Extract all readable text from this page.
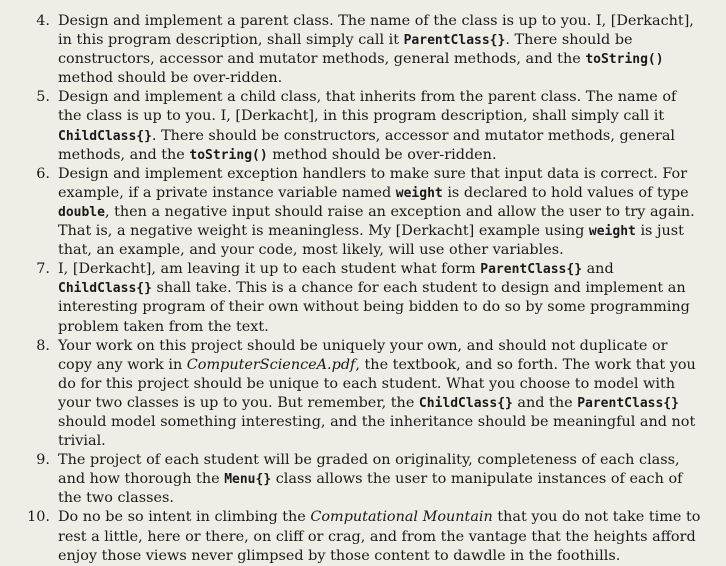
4. Design and implement a parent class. The name of the class is up to you. I, [Derkacht], in this program description, shall simply call it ParentClass{}. There should be constructors, accessor and mutator methods, general methods, and the toString() method should be over-ridden.
5. Design and implement a child class, that inherits from the parent class. The name of the class is up to you. I, [Derkacht], in this program description, shall simply call it ChildClass{}. There should be constructors, accessor and mutator methods, general methods, and the toString() method should be over-ridden.
6. Design and implement exception handlers to make sure that input data is correct. For example, if a private instance variable named weight is declared to hold values of type double, then a negative input should raise an exception and allow the user to try again. That is, a negative weight is meaningless. My [Derkacht] example using weight is just that, an example, and your code, most likely, will use other variables.
7. I, [Derkacht], am leaving it up to each student what form ParentClass{} and ChildClass{} shall take. This is a chance for each student to design and implement an interesting program of their own without being bidden to do so by some programming problem taken from the text.
8. Your work on this project should be uniquely your own, and should not duplicate or copy any work in ComputerScienceA.pdf, the textbook, and so forth. The work that you do for this project should be unique to each student. What you choose to model with your two classes is up to you. But remember, the ChildClass{} and the ParentClass{} should model something interesting, and the inheritance should be meaningful and not trivial.
9. The project of each student will be graded on originality, completeness of each class, and how thorough the Menu{} class allows the user to manipulate instances of each of the two classes.
10. Do no be so intent in climbing the Computational Mountain that you do not take time to rest a little, here or there, on cliff or crag, and from the vantage that the heights afford enjoy those views never glimpsed by those content to dawdle in the foothills.
